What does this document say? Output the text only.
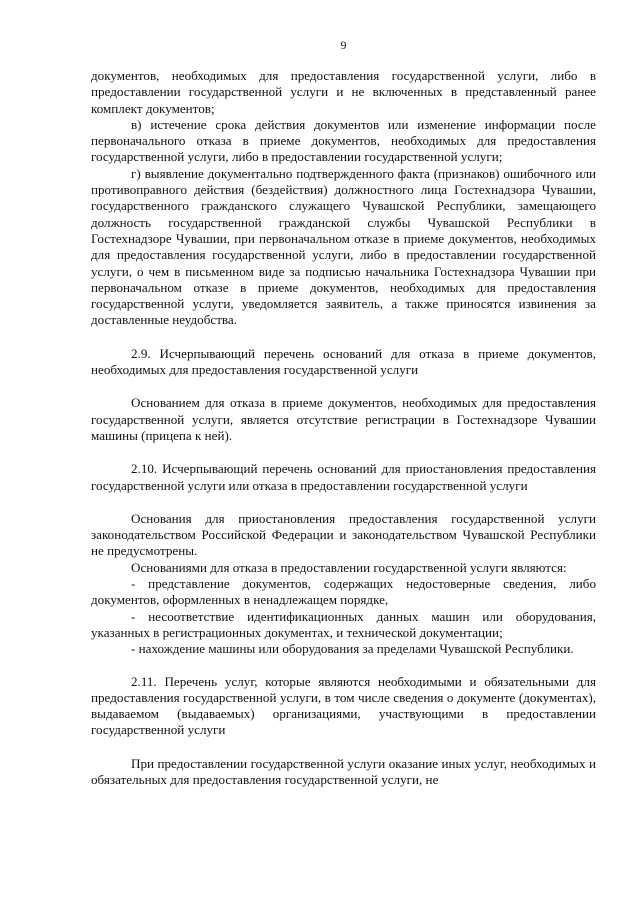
9

документов, необходимых для предоставления государственной услуги, либо в предоставлении государственной услуги и не включенных в представленный ранее комплект документов;

в) истечение срока действия документов или изменение информации после первоначального отказа в приеме документов, необходимых для предоставления государственной услуги, либо в предоставлении государственной услуги;

г) выявление документально подтвержденного факта (признаков) ошибочного или противоправного действия (бездействия) должностного лица Гостехнадзора Чувашии, государственного гражданского служащего Чувашской Республики, замещающего должность государственной гражданской службы Чувашской Республики в Гостехнадзоре Чувашии, при первоначальном отказе в приеме документов, необходимых для предоставления государственной услуги, либо в предоставлении государственной услуги, о чем в письменном виде за подписью начальника Гостехнадзора Чувашии при первоначальном отказе в приеме документов, необходимых для предоставления государственной услуги, уведомляется заявитель, а также приносятся извинения за доставленные неудобства.

2.9. Исчерпывающий перечень оснований для отказа в приеме документов, необходимых для предоставления государственной услуги

Основанием для отказа в приеме документов, необходимых для предоставления государственной услуги, является отсутствие регистрации в Гостехнадзоре Чувашии машины (прицепа к ней).

2.10. Исчерпывающий перечень оснований для приостановления предоставления государственной услуги или отказа в предоставлении государственной услуги

Основания для приостановления предоставления государственной услуги законодательством Российской Федерации и законодательством Чувашской Республики не предусмотрены.

Основаниями для отказа в предоставлении государственной услуги являются:

- представление документов, содержащих недостоверные сведения, либо документов, оформленных в ненадлежащем порядке,

- несоответствие идентификационных данных машин или оборудования, указанных в регистрационных документах, и технической документации;

- нахождение машины или оборудования за пределами Чувашской Республики.

2.11. Перечень услуг, которые являются необходимыми и обязательными для предоставления государственной услуги, в том числе сведения о документе (документах), выдаваемом (выдаваемых) организациями, участвующими в предоставлении государственной услуги

При предоставлении государственной услуги оказание иных услуг, необходимых и обязательных для предоставления государственной услуги, не
